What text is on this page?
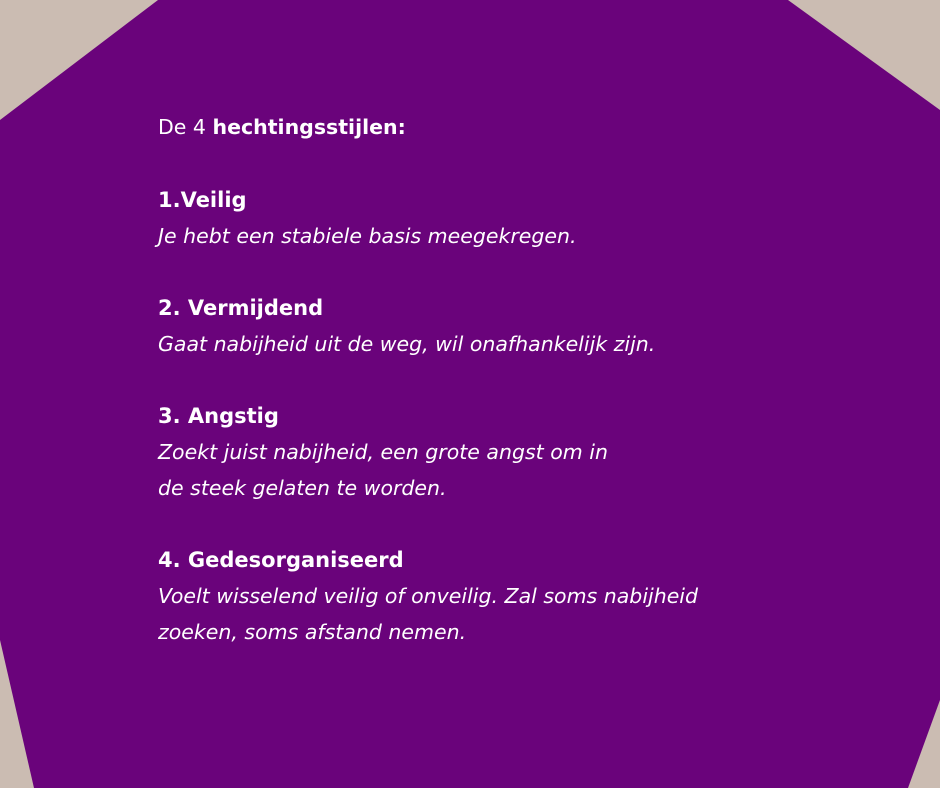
De 4 hechtingsstijlen:
1.Veilig
Je hebt een stabiele basis meegekregen.
2. Vermijdend
Gaat nabijheid uit de weg, wil onafhankelijk zijn.
3. Angstig
Zoekt juist nabijheid, een grote angst om in
de steek gelaten te worden.
4. Gedesorganiseerd
Voelt wisselend veilig of onveilig. Zal soms nabijheid
zoeken, soms afstand nemen.
